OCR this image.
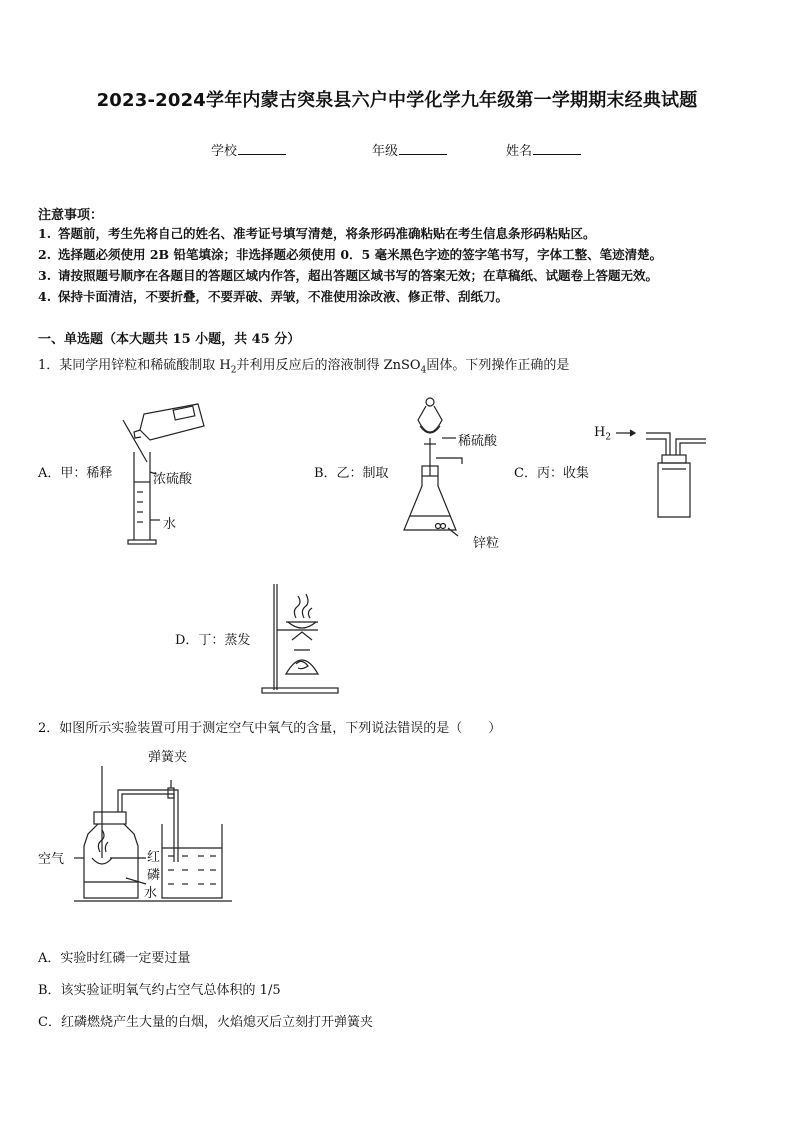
2023-2024学年内蒙古突泉县六户中学化学九年级第一学期期末经典试题
学校	年级	姓名
注意事项：
1. 答题前，考生先将自己的姓名、准考证号填写清楚，将条形码准确粘贴在考生信息条形码粘贴区。
2. 选择题必须使用 2B 铅笔填涂；非选择题必须使用 0．5 毫米黑色字迹的签字笔书写，字体工整、笔迹清楚。
3. 请按照题号顺序在各题目的答题区域内作答，超出答题区域书写的答案无效；在草稿纸、试题卷上答题无效。
4. 保持卡面清洁，不要折叠，不要弄破、弄皱，不准使用涂改液、修正带、刮纸刀。
一、单选题（本大题共 15 小题，共 45 分）
1．某同学用锌粒和稀硫酸制取 $H_2$并利用反应后的溶液制得 ZnSO$_4$固体。下列操作正确的是
A．甲：稀释	B．乙：制取	C．丙：收集
D．丁：蒸发
浓硫酸
水
稀硫酸
锌粒
$H_2$
2．如图所示实验装置可用于测定空气中氧气的含量，下列说法错误的是（　　）
弹簧夹
空气	红
磷
水
A．实验时红磷一定要过量
B．该实验证明氧气约占空气总体积的 1/5
C．红磷燃烧产生大量的白烟，火焰熄灭后立刻打开弹簧夹
